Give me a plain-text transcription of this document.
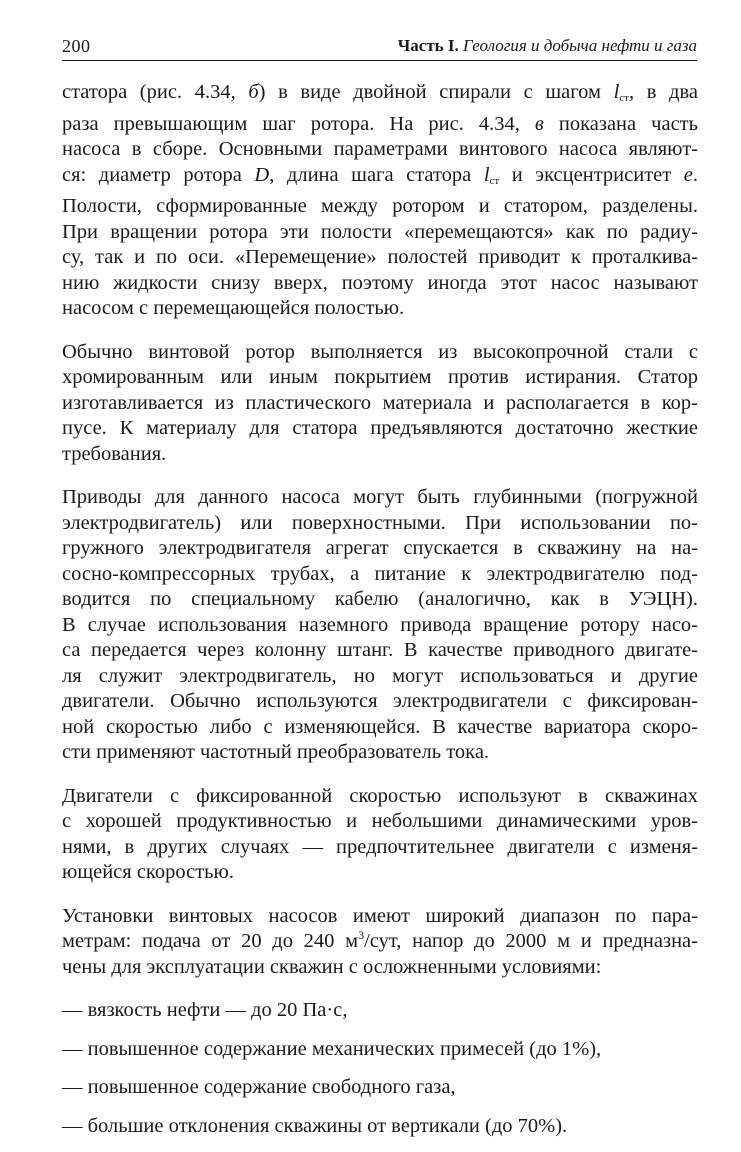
200	Часть I. Геология и добыча нефти и газа
статора (рис. 4.34, б) в виде двойной спирали с шагом $l_{ст}$, в два
раза превышающим шаг ротора. На рис. 4.34, в показана часть
насоса в сборе. Основными параметрами винтового насоса являют-
ся: диаметр ротора D, длина шага статора $l_{ст}$ и эксцентриситет e.
Полости, сформированные между ротором и статором, разделены.
При вращении ротора эти полости «перемещаются» как по радиу-
су, так и по оси. «Перемещение» полостей приводит к проталкива-
нию жидкости снизу вверх, поэтому иногда этот насос называют
насосом с перемещающейся полостью.
Обычно винтовой ротор выполняется из высокопрочной стали с
хромированным или иным покрытием против истирания. Статор
изготавливается из пластического материала и располагается в кор-
пусе. К материалу для статора предъявляются достаточно жесткие
требования.
Приводы для данного насоса могут быть глубинными (погружной
электродвигатель) или поверхностными. При использовании по-
гружного электродвигателя агрегат спускается в скважину на на-
сосно-компрессорных трубах, а питание к электродвигателю под-
водится по специальному кабелю (аналогично, как в УЭЦН).
В случае использования наземного привода вращение ротору насо-
са передается через колонну штанг. В качестве приводного двигате-
ля служит электродвигатель, но могут использоваться и другие
двигатели. Обычно используются электродвигатели с фиксирован-
ной скоростью либо с изменяющейся. В качестве вариатора скоро-
сти применяют частотный преобразователь тока.
Двигатели с фиксированной скоростью используют в скважинах
с хорошей продуктивностью и небольшими динамическими уров-
нями, в других случаях — предпочтительнее двигатели с изменя-
ющейся скоростью.
Установки винтовых насосов имеют широкий диапазон по пара-
метрам: подача от 20 до 240 $м^3$/сут, напор до 2000 м и предназна-
чены для эксплуатации скважин с осложненными условиями:
— вязкость нефти — до 20 Па·с,
— повышенное содержание механических примесей (до 1%),
— повышенное содержание свободного газа,
— большие отклонения скважины от вертикали (до 70%).
